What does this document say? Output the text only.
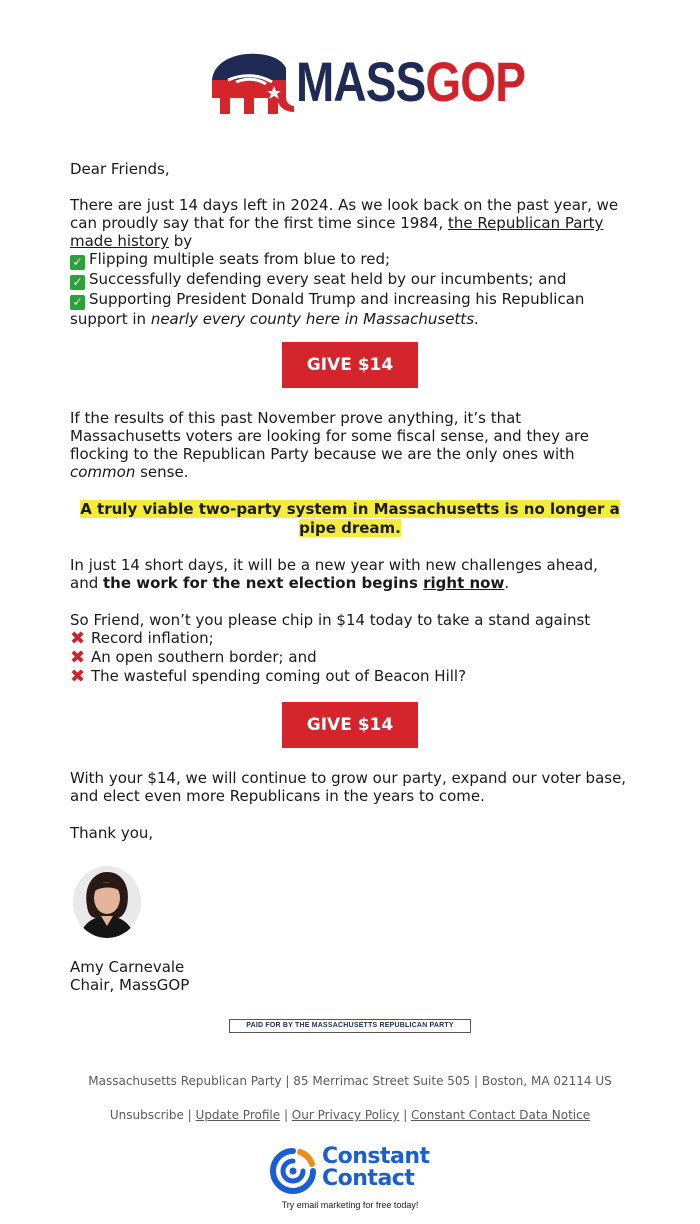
MASSGOP

Dear Friends,

There are just 14 days left in 2024. As we look back on the past year, we can proudly say that for the first time since 1984, the Republican Party made history by

✓ Flipping multiple seats from blue to red;

✓ Successfully defending every seat held by our incumbents; and

✓ Supporting President Donald Trump and increasing his Republican support in nearly every county here in Massachusetts.

GIVE $14

If the results of this past November prove anything, it’s that Massachusetts voters are looking for some fiscal sense, and they are flocking to the Republican Party because we are the only ones with common sense.

A truly viable two-party system in Massachusetts is no longer a pipe dream.

In just 14 short days, it will be a new year with new challenges ahead, and the work for the next election begins right now.

So Friend, won’t you please chip in $14 today to take a stand against

✖ Record inflation;

✖ An open southern border; and

✖ The wasteful spending coming out of Beacon Hill?

GIVE $14

With your $14, we will continue to grow our party, expand our voter base, and elect even more Republicans in the years to come.

Thank you,

Amy Carnevale

Chair, MassGOP

PAID FOR BY THE MASSACHUSETTS REPUBLICAN PARTY
Massachusetts Republican Party | 85 Merrimac Street Suite 505 | Boston, MA 02114 US
Unsubscribe | Update Profile | Our Privacy Policy | Constant Contact Data Notice
Constant
Contact
Try email marketing for free today!
